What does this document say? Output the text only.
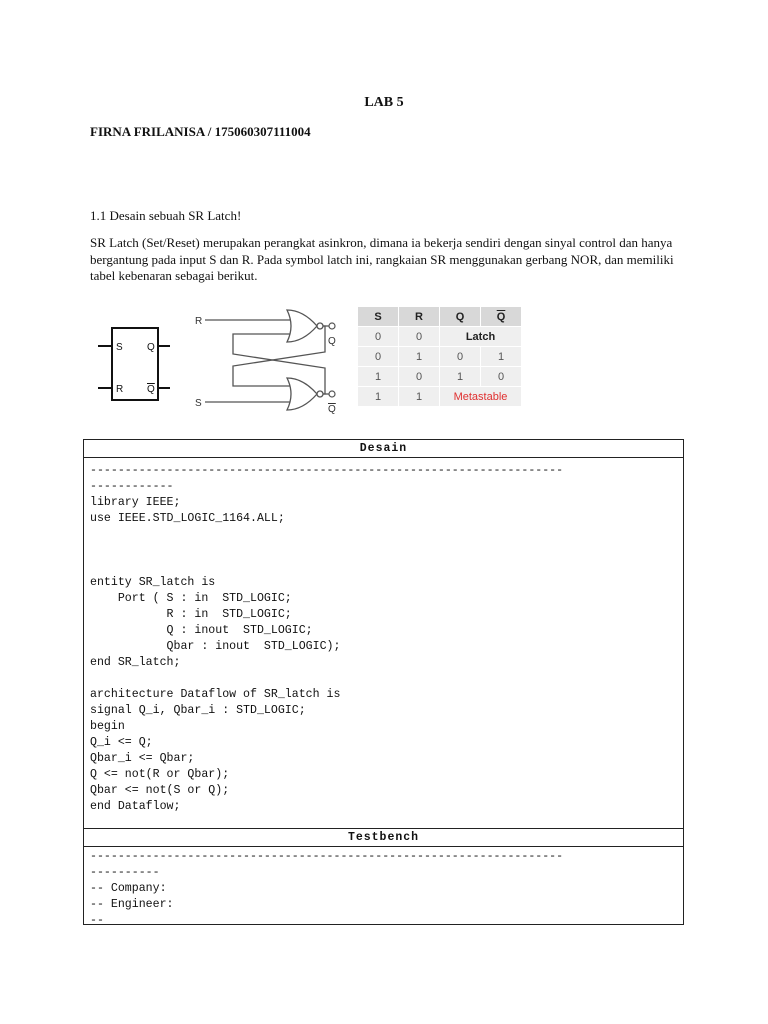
LAB 5
FIRNA FRILANISA / 175060307111004
1.1 Desain sebuah SR Latch!
SR Latch (Set/Reset) merupakan perangkat asinkron, dimana ia bekerja sendiri dengan sinyal control dan hanya bergantung pada input S dan R. Pada symbol latch ini, rangkaian SR menggunakan gerbang NOR, dan memiliki tabel kebenaran sebagai berikut.
S
R
Q
Q
R
S
Q
Q
S	R	Q	$\overline{Q}$
0	0	Latch	
0	1	0	1
1	0	1	0
1	1	Metastable	
Desain
--------------------------------------------------------------------
------------
library IEEE;
use IEEE.STD_LOGIC_1164.ALL;

entity SR_latch is
Port ( S : in  STD_LOGIC;
R : in  STD_LOGIC;
Q : inout  STD_LOGIC;
Qbar : inout  STD_LOGIC);
end SR_latch;

architecture Dataflow of SR_latch is
signal Q_i, Qbar_i : STD_LOGIC;
begin
Q_i <= Q;
Qbar_i <= Qbar;
Q <= not(R or Qbar);
Qbar <= not(S or Q);
end Dataflow;
Testbench
--------------------------------------------------------------------
----------
-- Company:
-- Engineer:
--
